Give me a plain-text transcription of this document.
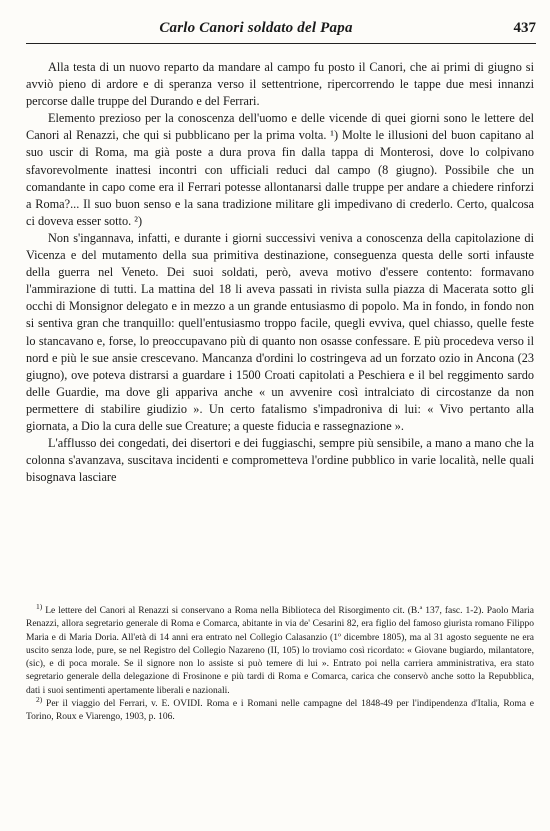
Carlo Canori soldato del Papa	437

Alla testa di un nuovo reparto da mandare al campo fu posto il Canori, che ai primi di giugno si avviò pieno di ardore e di speranza verso il settentrione, ripercorrendo le tappe due mesi innanzi percorse dalle truppe del Durando e del Ferrari.

Elemento prezioso per la conoscenza dell'uomo e delle vicende di quei giorni sono le lettere del Canori al Renazzi, che qui si pubblicano per la prima volta. ¹) Molte le illusioni del buon capitano al suo uscir di Roma, ma già poste a dura prova fin dalla tappa di Monterosi, dove lo colpivano sfavorevolmente inattesi incontri con ufficiali reduci dal campo (8 giugno). Possibile che un comandante in capo come era il Ferrari potesse allontanarsi dalle truppe per andare a chiedere rinforzi a Roma?... Il suo buon senso e la sana tradizione militare gli impedivano di crederlo. Certo, qualcosa ci doveva esser sotto. ²)

Non s'ingannava, infatti, e durante i giorni successivi veniva a conoscenza della capitolazione di Vicenza e del mutamento della sua primitiva destinazione, conseguenza questa delle sorti infauste della guerra nel Veneto. Dei suoi soldati, però, aveva motivo d'essere contento: formavano l'ammirazione di tutti. La mattina del 18 li aveva passati in rivista sulla piazza di Macerata sotto gli occhi di Monsignor delegato e in mezzo a un grande entusiasmo di popolo. Ma in fondo, in fondo non si sentiva gran che tranquillo: quell'entusiasmo troppo facile, quegli evviva, quel chiasso, quelle feste lo stancavano e, forse, lo preoccupavano più di quanto non osasse confessare. E più procedeva verso il nord e più le sue ansie crescevano. Mancanza d'ordini lo costringeva ad un forzato ozio in Ancona (23 giugno), ove poteva distrarsi a guardare i 1500 Croati capitolati a Peschiera e il bel reggimento sardo delle Guardie, ma dove gli appariva anche « un avvenire così intralciato di circostanze da non permettere di stabilire giudizio ». Un certo fatalismo s'impadroniva di lui: « Vivo pertanto alla giornata, a Dio la cura delle sue Creature; a queste fiducia e rassegnazione ».

L'afflusso dei congedati, dei disertori e dei fuggiaschi, sempre più sensibile, a mano a mano che la colonna s'avanzava, suscitava incidenti e comprometteva l'ordine pubblico in varie località, nelle quali bisognava lasciare

$^{1)}$ Le lettere del Canori al Renazzi si conservano a Roma nella Biblioteca del Risorgimento cit. (B.ª 137, fasc. 1-2). Paolo Maria Renazzi, allora segretario generale di Roma e Comarca, abitante in via de' Cesarini 82, era figlio del famoso giurista romano Filippo Maria e di Maria Doria. All'età di 14 anni era entrato nel Collegio Calasanzio (1º dicembre 1805), ma al 31 agosto seguente ne era uscito senza lode, pure, se nel Registro del Collegio Nazareno (II, 105) lo troviamo così ricordato: « Giovane bugiardo, milantatore, (sic), e di poca morale. Se il signore non lo assiste si può temere di lui ». Entrato poi nella carriera amministrativa, era stato segretario generale della delegazione di Frosinone e più tardi di Roma e Comarca, carica che conservò anche sotto la Repubblica, dati i suoi sentimenti apertamente liberali e nazionali.

$^{2)}$ Per il viaggio del Ferrari, v. E. OVIDI. Roma e i Romani nelle campagne del 1848-49 per l'indipendenza d'Italia, Roma e Torino, Roux e Viarengo, 1903, p. 106.
